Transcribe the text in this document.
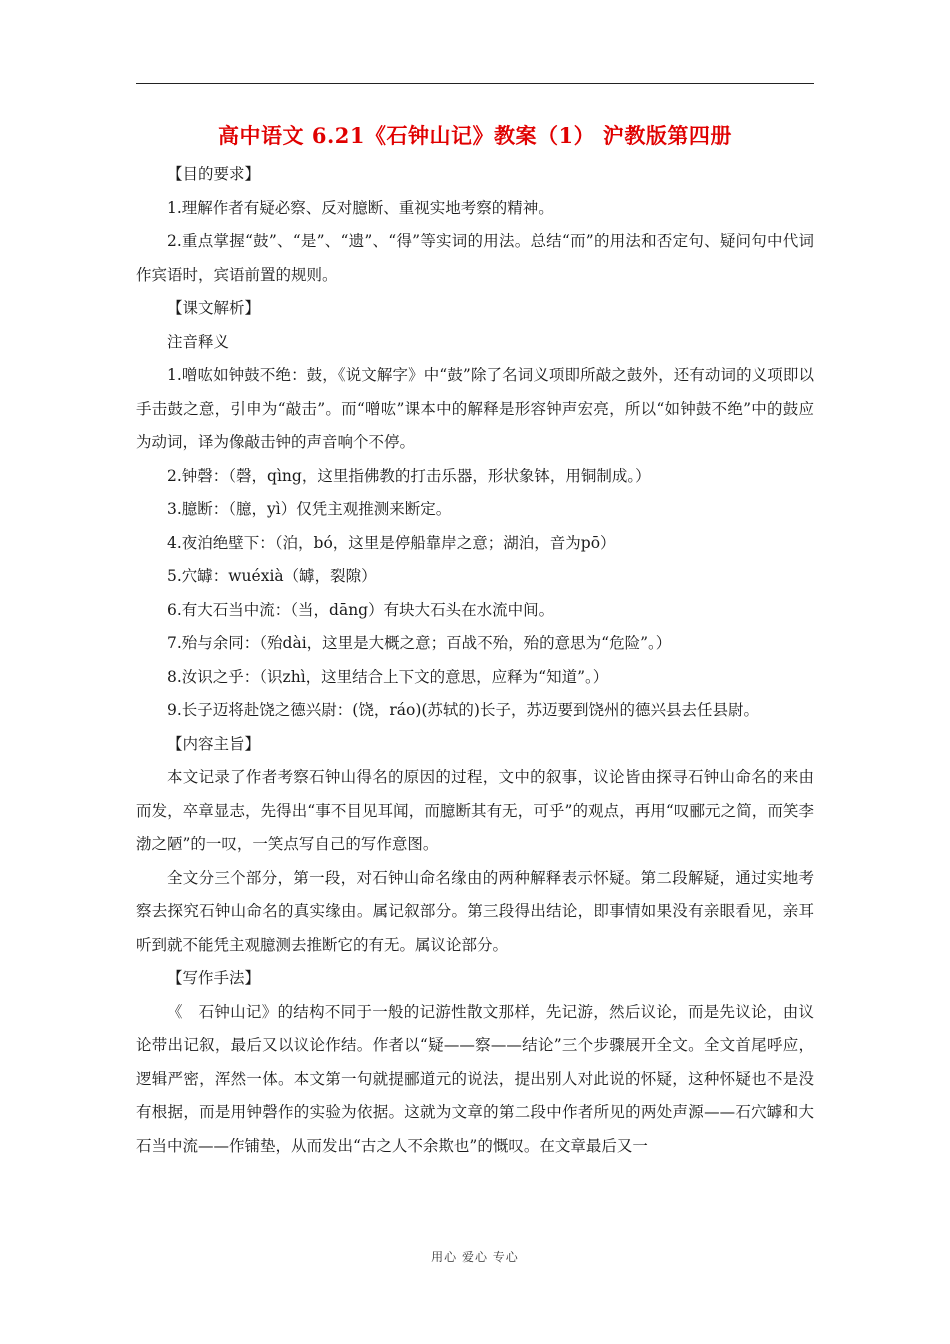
高中语文 6.21《石钟山记》教案（1） 沪教版第四册

【目的要求】

1.理解作者有疑必察、反对臆断、重视实地考察的精神。

2.重点掌握“鼓”、“是”、“遗”、“得”等实词的用法。总结“而”的用法和否定句、疑问句中代词作宾语时，宾语前置的规则。

【课文解析】

注音释义

1.噌吰如钟鼓不绝：鼓，《说文解字》中“鼓”除了名词义项即所敲之鼓外，还有动词的义项即以手击鼓之意，引申为“敲击”。而“噌吰”课本中的解释是形容钟声宏亮，所以“如钟鼓不绝”中的鼓应为动词，译为像敲击钟的声音响个不停。

2.钟磬：（磬，qìng，这里指佛教的打击乐器，形状象钵，用铜制成。）

3.臆断：（臆，yì）仅凭主观推测来断定。

4.夜泊绝壁下：（泊，bó，这里是停船靠岸之意；湖泊，音为pō）

5.穴罅：wuéxià（罅，裂隙）

6.有大石当中流：（当，dāng）有块大石头在水流中间。

7.殆与余同：（殆dài，这里是大概之意；百战不殆，殆的意思为“危险”。）

8.汝识之乎：（识zhì，这里结合上下文的意思，应释为“知道”。）

9.长子迈将赴饶之德兴尉：(饶，ráo)(苏轼的)长子，苏迈要到饶州的德兴县去任县尉。

【内容主旨】

本文记录了作者考察石钟山得名的原因的过程，文中的叙事，议论皆由探寻石钟山命名的来由而发，卒章显志，先得出“事不目见耳闻，而臆断其有无，可乎”的观点，再用“叹郦元之简，而笑李渤之陋”的一叹，一笑点写自己的写作意图。

全文分三个部分，第一段，对石钟山命名缘由的两种解释表示怀疑。第二段解疑，通过实地考察去探究石钟山命名的真实缘由。属记叙部分。第三段得出结论，即事情如果没有亲眼看见，亲耳听到就不能凭主观臆测去推断它的有无。属议论部分。

【写作手法】

《　石钟山记》的结构不同于一般的记游性散文那样，先记游，然后议论，而是先议论，由议论带出记叙，最后又以议论作结。作者以“疑——察——结论”三个步骤展开全文。全文首尾呼应，逻辑严密，浑然一体。本文第一句就提郦道元的说法，提出别人对此说的怀疑，这种怀疑也不是没有根据，而是用钟磬作的实验为依据。这就为文章的第二段中作者所见的两处声源——石穴罅和大石当中流——作铺垫，从而发出“古之人不余欺也”的慨叹。在文章最后又一

用心 爱心 专心
